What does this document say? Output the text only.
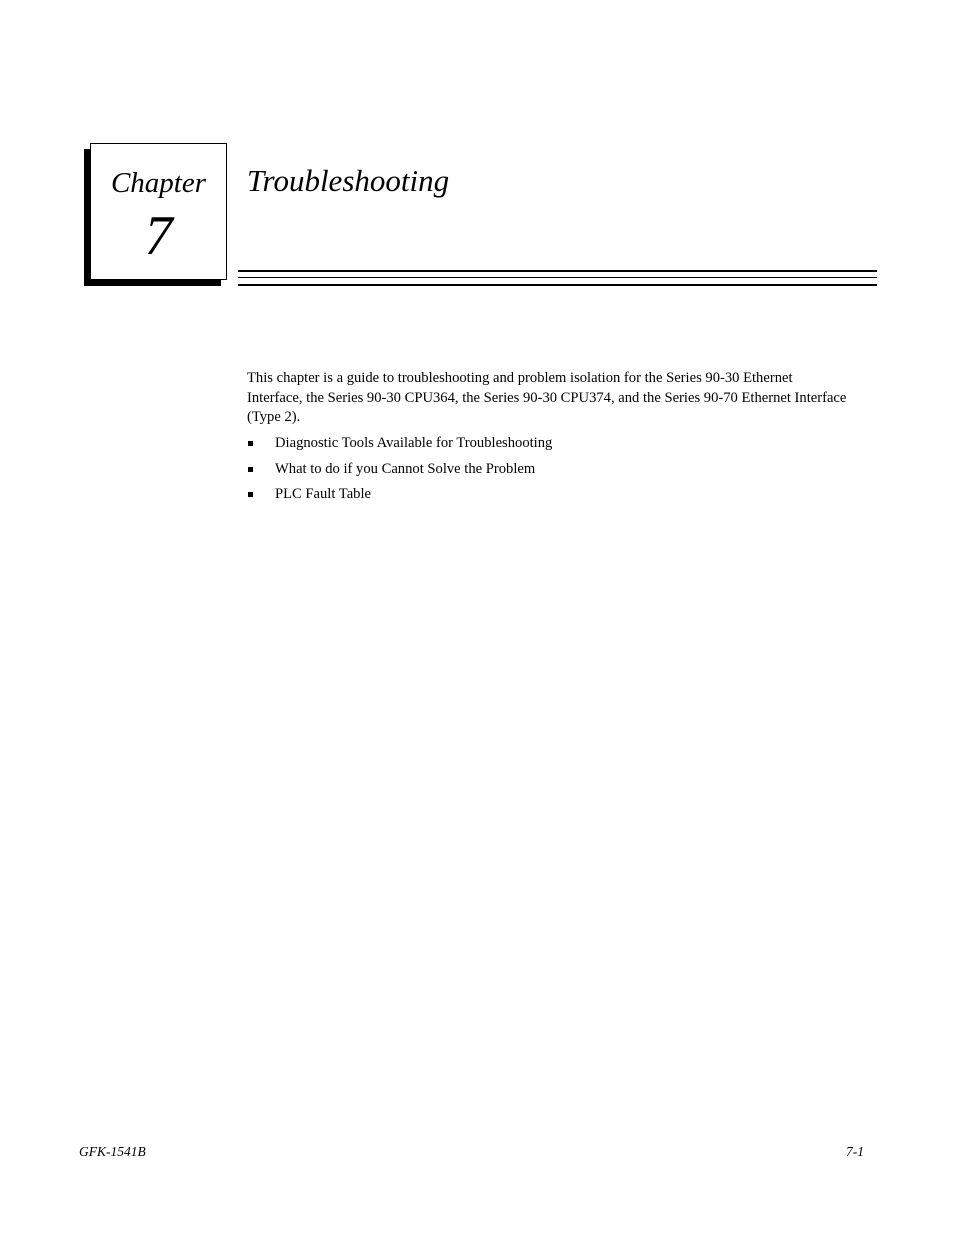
Chapter
7
Troubleshooting

This chapter is a guide to troubleshooting and problem isolation for the Series 90-30 Ethernet Interface, the Series 90-30 CPU364, the Series 90-30 CPU374, and the Series 90-70 Ethernet Interface (Type 2).

Diagnostic Tools Available for Troubleshooting
What to do if you Cannot Solve the Problem
PLC Fault Table
GFK-1541B	7-1
